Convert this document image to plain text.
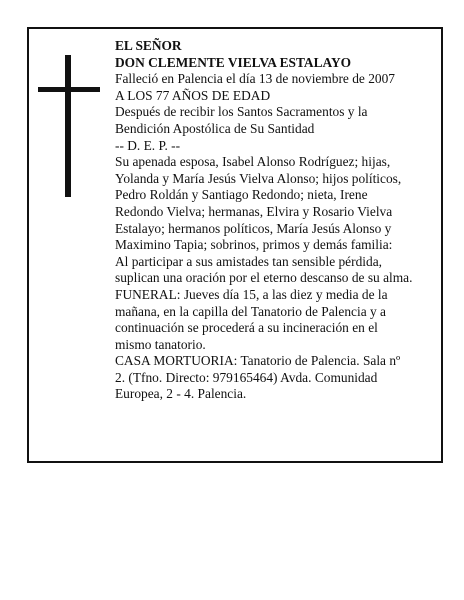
EL SEÑOR

DON CLEMENTE VIELVA ESTALAYO

Falleció en Palencia el día 13 de noviembre de 2007

A LOS 77 AÑOS DE EDAD

Después de recibir los Santos Sacramentos y la

Bendición Apostólica de Su Santidad

-- D. E. P. --

Su apenada esposa, Isabel Alonso Rodríguez; hijas,

Yolanda y María Jesús Vielva Alonso; hijos políticos,

Pedro Roldán y Santiago Redondo; nieta, Irene

Redondo Vielva; hermanas, Elvira y Rosario Vielva

Estalayo; hermanos políticos, María Jesús Alonso y

Maximino Tapia; sobrinos, primos y demás familia:

Al participar a sus amistades tan sensible pérdida,

suplican una oración por el eterno descanso de su alma.

FUNERAL: Jueves día 15, a las diez y media de la

mañana, en la capilla del Tanatorio de Palencia y a

continuación se procederá a su incineración en el

mismo tanatorio.

CASA MORTUORIA: Tanatorio de Palencia. Sala nº

2. (Tfno. Directo: 979165464) Avda. Comunidad

Europea, 2 - 4. Palencia.
